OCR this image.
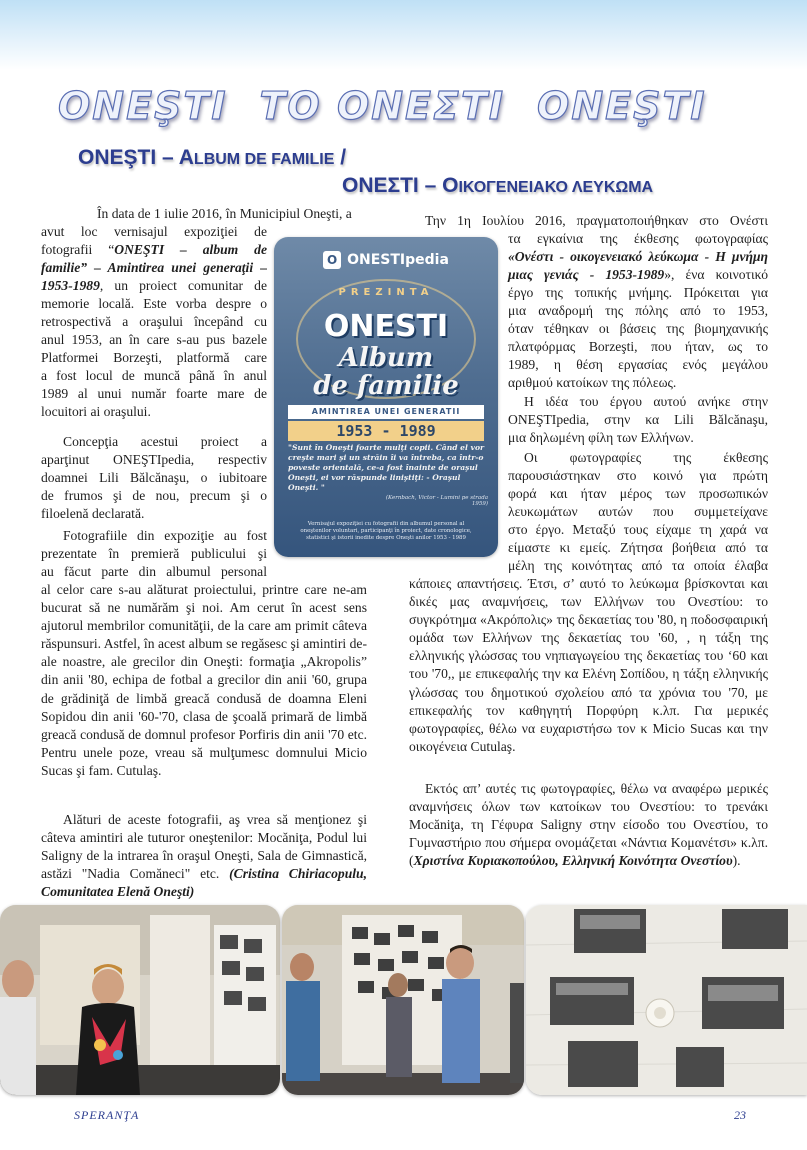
ONEŞTI ΤΟ ΟΝΕΣΤΙ ONEŞTI
ONEŞTI – ALBUM DE FAMILIE /
ΟΝΕΣΤΙ – ΟΙΚΟΓΕΝΕΙΑΚΟ ΛΕΥΚΩΜΑ
În data de 1 iulie 2016, în Municipiul Oneşti, a
avut loc vernisajul expoziţiei de
fotografii “ONEŞTI – album de
familie” – Amintirea unei generaţii –
1953-1989, un proiect comunitar de
memorie locală. Este vorba despre o
retrospectivă a oraşului începând cu
anul 1953, an în care s-au pus bazele
Platformei Borzeşti, platformă care
a fost locul de muncă până în anul
1989 al unui număr foarte mare de
locuitori ai oraşului.
Concepţia acestui proiect a
aparţinut ONEŞTIpedia, respectiv
doamnei Lili Bălcănaşu, o iubitoare
de frumos şi de nou, precum şi o
filoelenă declarată.
Fotografiile din expoziţie au fost
prezentate în premieră publicului şi
au făcut parte din albumul personal
al celor care s-au alăturat proiectului, printre care ne-am bucurat să ne numărăm şi noi. Am cerut în acest sens ajutorul membrilor comunităţii, de la care am primit câteva răspunsuri. Astfel, în acest album se regăsesc şi amintiri de-ale noastre, ale grecilor din Oneşti: formaţia „Akropolis” din anii '80, echipa de fotbal a grecilor din anii '60, grupa de grădiniţă de limbă greacă condusă de doamna Eleni Sopidou din anii '60-'70, clasa de şcoală primară de limbă greacă condusă de domnul profesor Porfiris din anii '70 etc. Pentru unele poze, vreau să mulţumesc domnului Micio Sucas şi fam. Cutulaş.
Alături de aceste fotografii, aş vrea să menţionez şi câteva amintiri ale tuturor oneştenilor: Mocăniţa, Podul lui Saligny de la intrarea în oraşul Oneşti, Sala de Gimnastică, astăzi "Nadia Comăneci" etc. (Cristina Chiriacopulu, Comunitatea Elenă Oneşti)
O ONESTIpedia
PREZINTA
ONESTI
Album
de familie
AMINTIREA UNEI GENERATII
1953 - 1989
"Sunt în Oneşti foarte mulţi copii. Când el vor creşte mari şi un străin îi va întreba, ca într-o poveste orientală, ce-a fost înainte de oraşul Oneşti, ei vor răspunde liniştiţi: - Oraşul Oneşti. "
(Kernbach, Victor - Lumini pe strada 1959)
Vernisajul expoziţiei cu fotografii din albumul personal al oneştenilor voluntari, participanţi în proiect, date cronologice, statistici şi istorii inedite despre Oneşti anilor 1953 - 1989
Την 1η Ιουλίου 2016, πραγματοποιήθηκαν στο Ονέστι
τα εγκαίνια της έκθεσης φωτογραφίας
«Ονέστι - οικογενειακό λεύκωμα - Η μνήμη
μιας γενιάς - 1953-1989», ένα κοινοτικό
έργο της τοπικής μνήμης. Πρόκειται για
μια αναδρομή της πόλης από το 1953,
όταν τέθηκαν οι βάσεις της βιομηχανικής
πλατφόρμας Borzeşti, που ήταν, ως το
1989, η θέση εργασίας ενός μεγάλου
αριθμού κατοίκων της πόλεως.
Η ιδέα του έργου αυτού ανήκε στην
ONEŞTIpedia, στην κα Lili Bălcănaşu,
μια δηλωμένη φίλη των Ελλήνων.
Οι φωτογραφίες της έκθεσης
παρουσιάστηκαν στο κοινό για πρώτη
φορά και ήταν μέρος των προσωπικών
λευκωμάτων αυτών που συμμετείχανε
στο έργο. Μεταξύ τους είχαμε τη χαρά να
είμαστε κι εμείς. Ζήτησα βοήθεια από τα
μέλη της κοινότητας από τα οποία έλαβα
κάποιες απαντήσεις. Έτσι, σ’ αυτό το λεύκωμα βρίσκονται και δικές μας αναμνήσεις, των Ελλήνων του Ονεστίου: το συγκρότημα «Ακρόπολις» της δεκαετίας του '80, η ποδοσφαιρική ομάδα των Ελλήνων της δεκαετίας του '60, , η τάξη της ελληνικής γλώσσας του νηπιαγωγείου της δεκαετίας του ‘60 και του '70,, με επικεφαλής την κα Ελένη Σοπίδου, η τάξη ελληνικής γλώσσας του δημοτικού σχολείου από τα χρόνια του '70, με επικεφαλής τον καθηγητή Πορφύρη κ.λπ. Για μερικές φωτογραφίες, θέλω να ευχαριστήσω τον κ Micio Sucas και την οικογένεια Cutulaş.
Εκτός απ’ αυτές τις φωτογραφίες, θέλω να αναφέρω μερικές αναμνήσεις όλων των κατοίκων του Ονεστίου: το τρενάκι Mocăniţa, τη Γέφυρα Saligny στην είσοδο του Ονεστίου, το Γυμναστήριο που σήμερα ονομάζεται «Νάντια Κομανέτσι» κ.λπ. (Χριστίνα Κυριακοπούλου, Ελληνική Κοινότητα Ονεστίου).
SPERANŢA	23
